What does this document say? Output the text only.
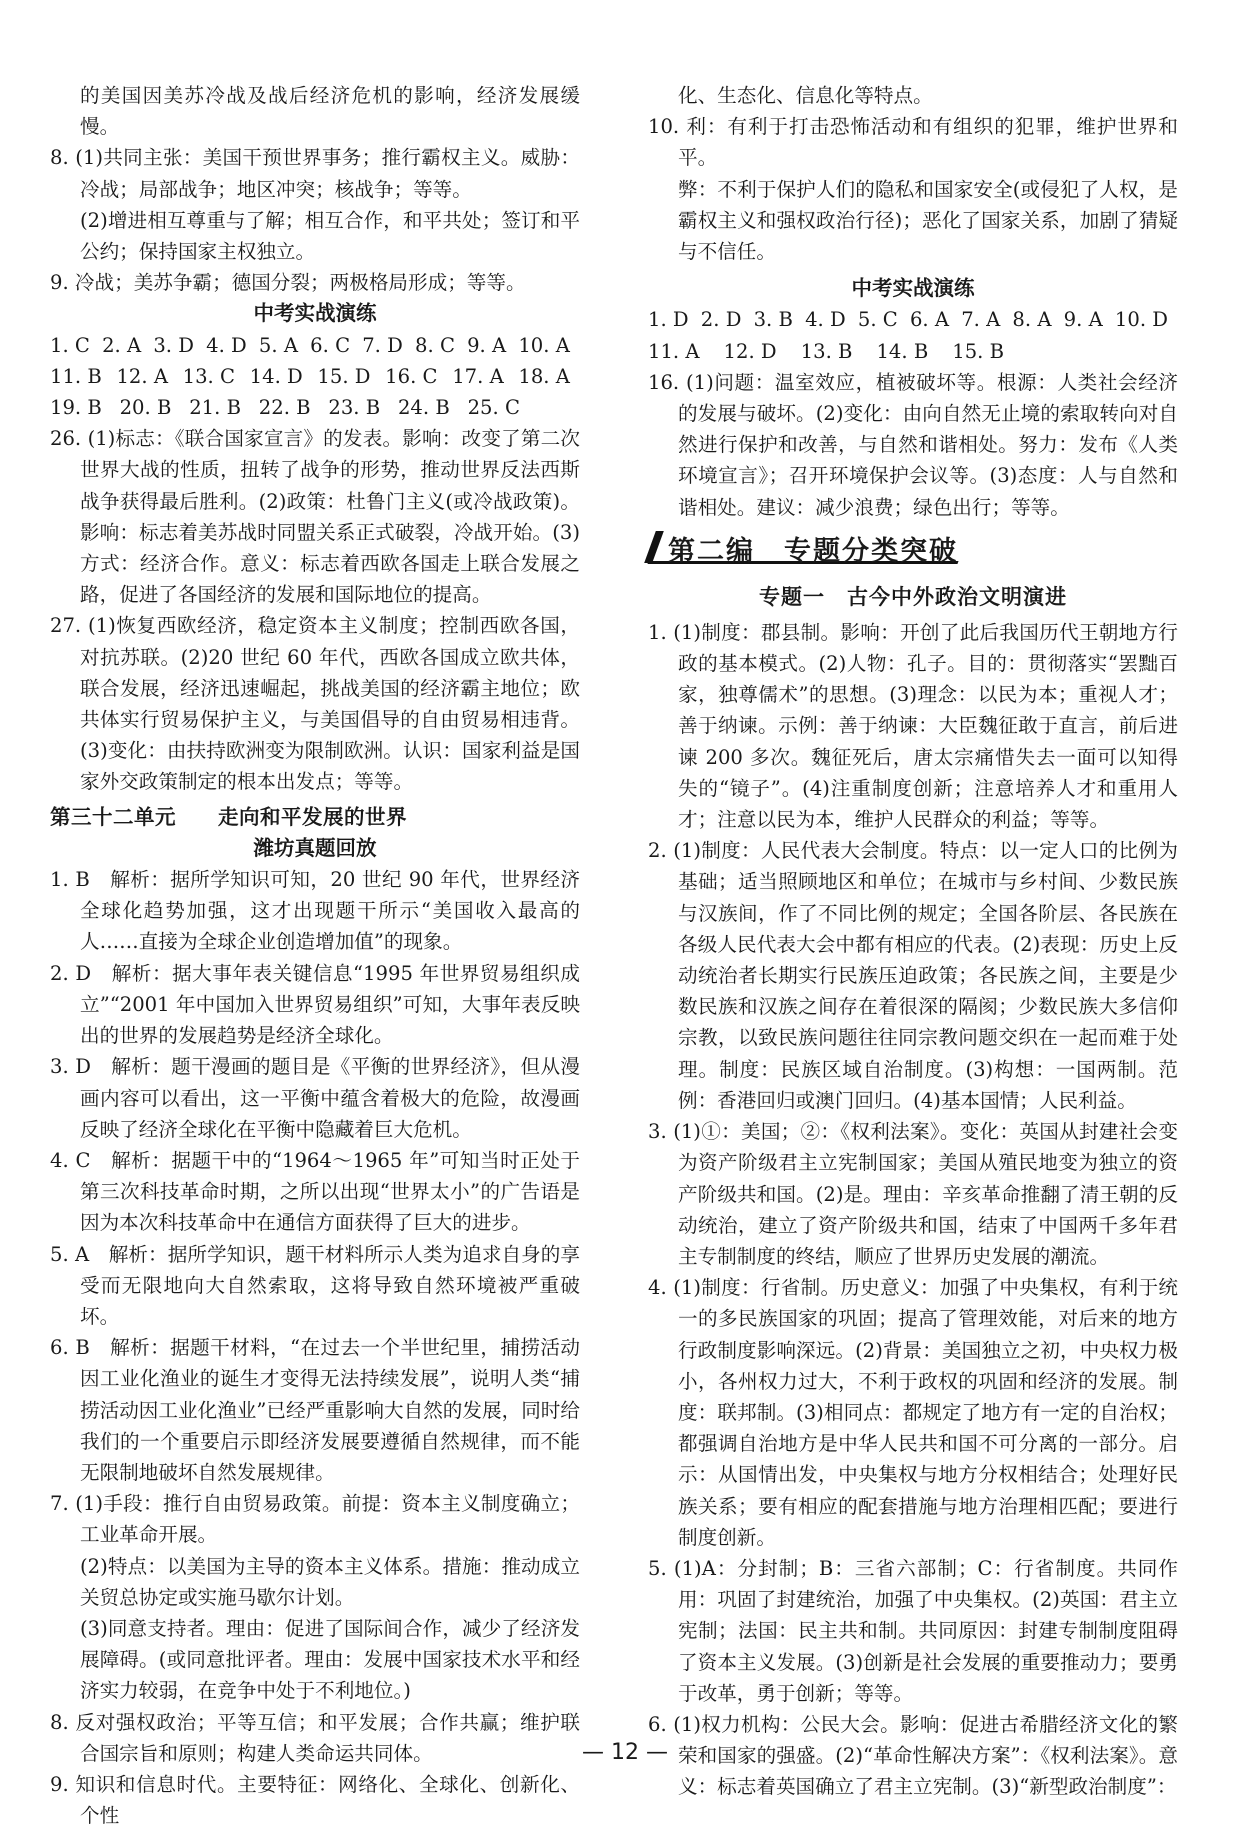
的美国因美苏冷战及战后经济危机的影响，经济发展缓慢。

8. (1)共同主张：美国干预世界事务；推行霸权主义。威胁：冷战；局部战争；地区冲突；核战争；等等。

(2)增进相互尊重与了解；相互合作，和平共处；签订和平公约；保持国家主权独立。

9. 冷战；美苏争霸；德国分裂；两极格局形成；等等。

中考实战演练

1. C 2. A 3. D 4. D 5. A 6. C 7. D 8. C 9. A 10. A
11. B 12. A 13. C 14. D 15. D 16. C 17. A 18. A
19. B 20. B 21. B 22. B 23. B 24. B 25. C

26. (1)标志：《联合国家宣言》的发表。影响：改变了第二次世界大战的性质，扭转了战争的形势，推动世界反法西斯战争获得最后胜利。(2)政策：杜鲁门主义(或冷战政策)。影响：标志着美苏战时同盟关系正式破裂，冷战开始。(3)方式：经济合作。意义：标志着西欧各国走上联合发展之路，促进了各国经济的发展和国际地位的提高。

27. (1)恢复西欧经济，稳定资本主义制度；控制西欧各国，对抗苏联。(2)20 世纪 60 年代，西欧各国成立欧共体，联合发展，经济迅速崛起，挑战美国的经济霸主地位；欧共体实行贸易保护主义，与美国倡导的自由贸易相违背。(3)变化：由扶持欧洲变为限制欧洲。认识：国家利益是国家外交政策制定的根本出发点；等等。

第三十二单元　　走向和平发展的世界

潍坊真题回放

1. B　解析：据所学知识可知，20 世纪 90 年代，世界经济全球化趋势加强，这才出现题干所示“美国收入最高的人……直接为全球企业创造增加值”的现象。

2. D　解析：据大事年表关键信息“1995 年世界贸易组织成立”“2001 年中国加入世界贸易组织”可知，大事年表反映出的世界的发展趋势是经济全球化。

3. D　解析：题干漫画的题目是《平衡的世界经济》，但从漫画内容可以看出，这一平衡中蕴含着极大的危险，故漫画反映了经济全球化在平衡中隐藏着巨大危机。

4. C　解析：据题干中的“1964～1965 年”可知当时正处于第三次科技革命时期，之所以出现“世界太小”的广告语是因为本次科技革命中在通信方面获得了巨大的进步。

5. A　解析：据所学知识，题干材料所示人类为追求自身的享受而无限地向大自然索取，这将导致自然环境被严重破坏。

6. B　解析：据题干材料，“在过去一个半世纪里，捕捞活动因工业化渔业的诞生才变得无法持续发展”，说明人类“捕捞活动因工业化渔业”已经严重影响大自然的发展，同时给我们的一个重要启示即经济发展要遵循自然规律，而不能无限制地破坏自然发展规律。

7. (1)手段：推行自由贸易政策。前提：资本主义制度确立；工业革命开展。

(2)特点：以美国为主导的资本主义体系。措施：推动成立关贸总协定或实施马歇尔计划。

(3)同意支持者。理由：促进了国际间合作，减少了经济发展障碍。(或同意批评者。理由：发展中国家技术水平和经济实力较弱，在竞争中处于不利地位。)

8. 反对强权政治；平等互信；和平发展；合作共赢；维护联合国宗旨和原则；构建人类命运共同体。

9. 知识和信息时代。主要特征：网络化、全球化、创新化、个性

化、生态化、信息化等特点。

10. 利：有利于打击恐怖活动和有组织的犯罪，维护世界和平。

弊：不利于保护人们的隐私和国家安全(或侵犯了人权，是霸权主义和强权政治行径)；恶化了国家关系，加剧了猜疑与不信任。

中考实战演练

1. D 2. D 3. B 4. D 5. C 6. A 7. A 8. A 9. A 10. D
11. A 12. D 13. B 14. B 15. B

16. (1)问题：温室效应，植被破坏等。根源：人类社会经济的发展与破坏。(2)变化：由向自然无止境的索取转向对自然进行保护和改善，与自然和谐相处。努力：发布《人类环境宣言》；召开环境保护会议等。(3)态度：人与自然和谐相处。建议：减少浪费；绿色出行；等等。

第二编　专题分类突破

专题一　古今中外政治文明演进

1. (1)制度：郡县制。影响：开创了此后我国历代王朝地方行政的基本模式。(2)人物：孔子。目的：贯彻落实“罢黜百家，独尊儒术”的思想。(3)理念：以民为本；重视人才；善于纳谏。示例：善于纳谏：大臣魏征敢于直言，前后进谏 200 多次。魏征死后，唐太宗痛惜失去一面可以知得失的“镜子”。(4)注重制度创新；注意培养人才和重用人才；注意以民为本，维护人民群众的利益；等等。

2. (1)制度：人民代表大会制度。特点：以一定人口的比例为基础；适当照顾地区和单位；在城市与乡村间、少数民族与汉族间，作了不同比例的规定；全国各阶层、各民族在各级人民代表大会中都有相应的代表。(2)表现：历史上反动统治者长期实行民族压迫政策；各民族之间，主要是少数民族和汉族之间存在着很深的隔阂；少数民族大多信仰宗教，以致民族问题往往同宗教问题交织在一起而难于处理。制度：民族区域自治制度。(3)构想：一国两制。范例：香港回归或澳门回归。(4)基本国情；人民利益。

3. (1)①：美国；②：《权利法案》。变化：英国从封建社会变为资产阶级君主立宪制国家；美国从殖民地变为独立的资产阶级共和国。(2)是。理由：辛亥革命推翻了清王朝的反动统治，建立了资产阶级共和国，结束了中国两千多年君主专制制度的终结，顺应了世界历史发展的潮流。

4. (1)制度：行省制。历史意义：加强了中央集权，有利于统一的多民族国家的巩固；提高了管理效能，对后来的地方行政制度影响深远。(2)背景：美国独立之初，中央权力极小，各州权力过大，不利于政权的巩固和经济的发展。制度：联邦制。(3)相同点：都规定了地方有一定的自治权；都强调自治地方是中华人民共和国不可分离的一部分。启示：从国情出发，中央集权与地方分权相结合；处理好民族关系；要有相应的配套措施与地方治理相匹配；要进行制度创新。

5. (1)A：分封制；B：三省六部制；C：行省制度。共同作用：巩固了封建统治，加强了中央集权。(2)英国：君主立宪制；法国：民主共和制。共同原因：封建专制制度阻碍了资本主义发展。(3)创新是社会发展的重要推动力；要勇于改革，勇于创新；等等。

6. (1)权力机构：公民大会。影响：促进古希腊经济文化的繁荣和国家的强盛。(2)“革命性解决方案”：《权利法案》。意义：标志着英国确立了君主立宪制。(3)“新型政治制度”：

— 12 —
